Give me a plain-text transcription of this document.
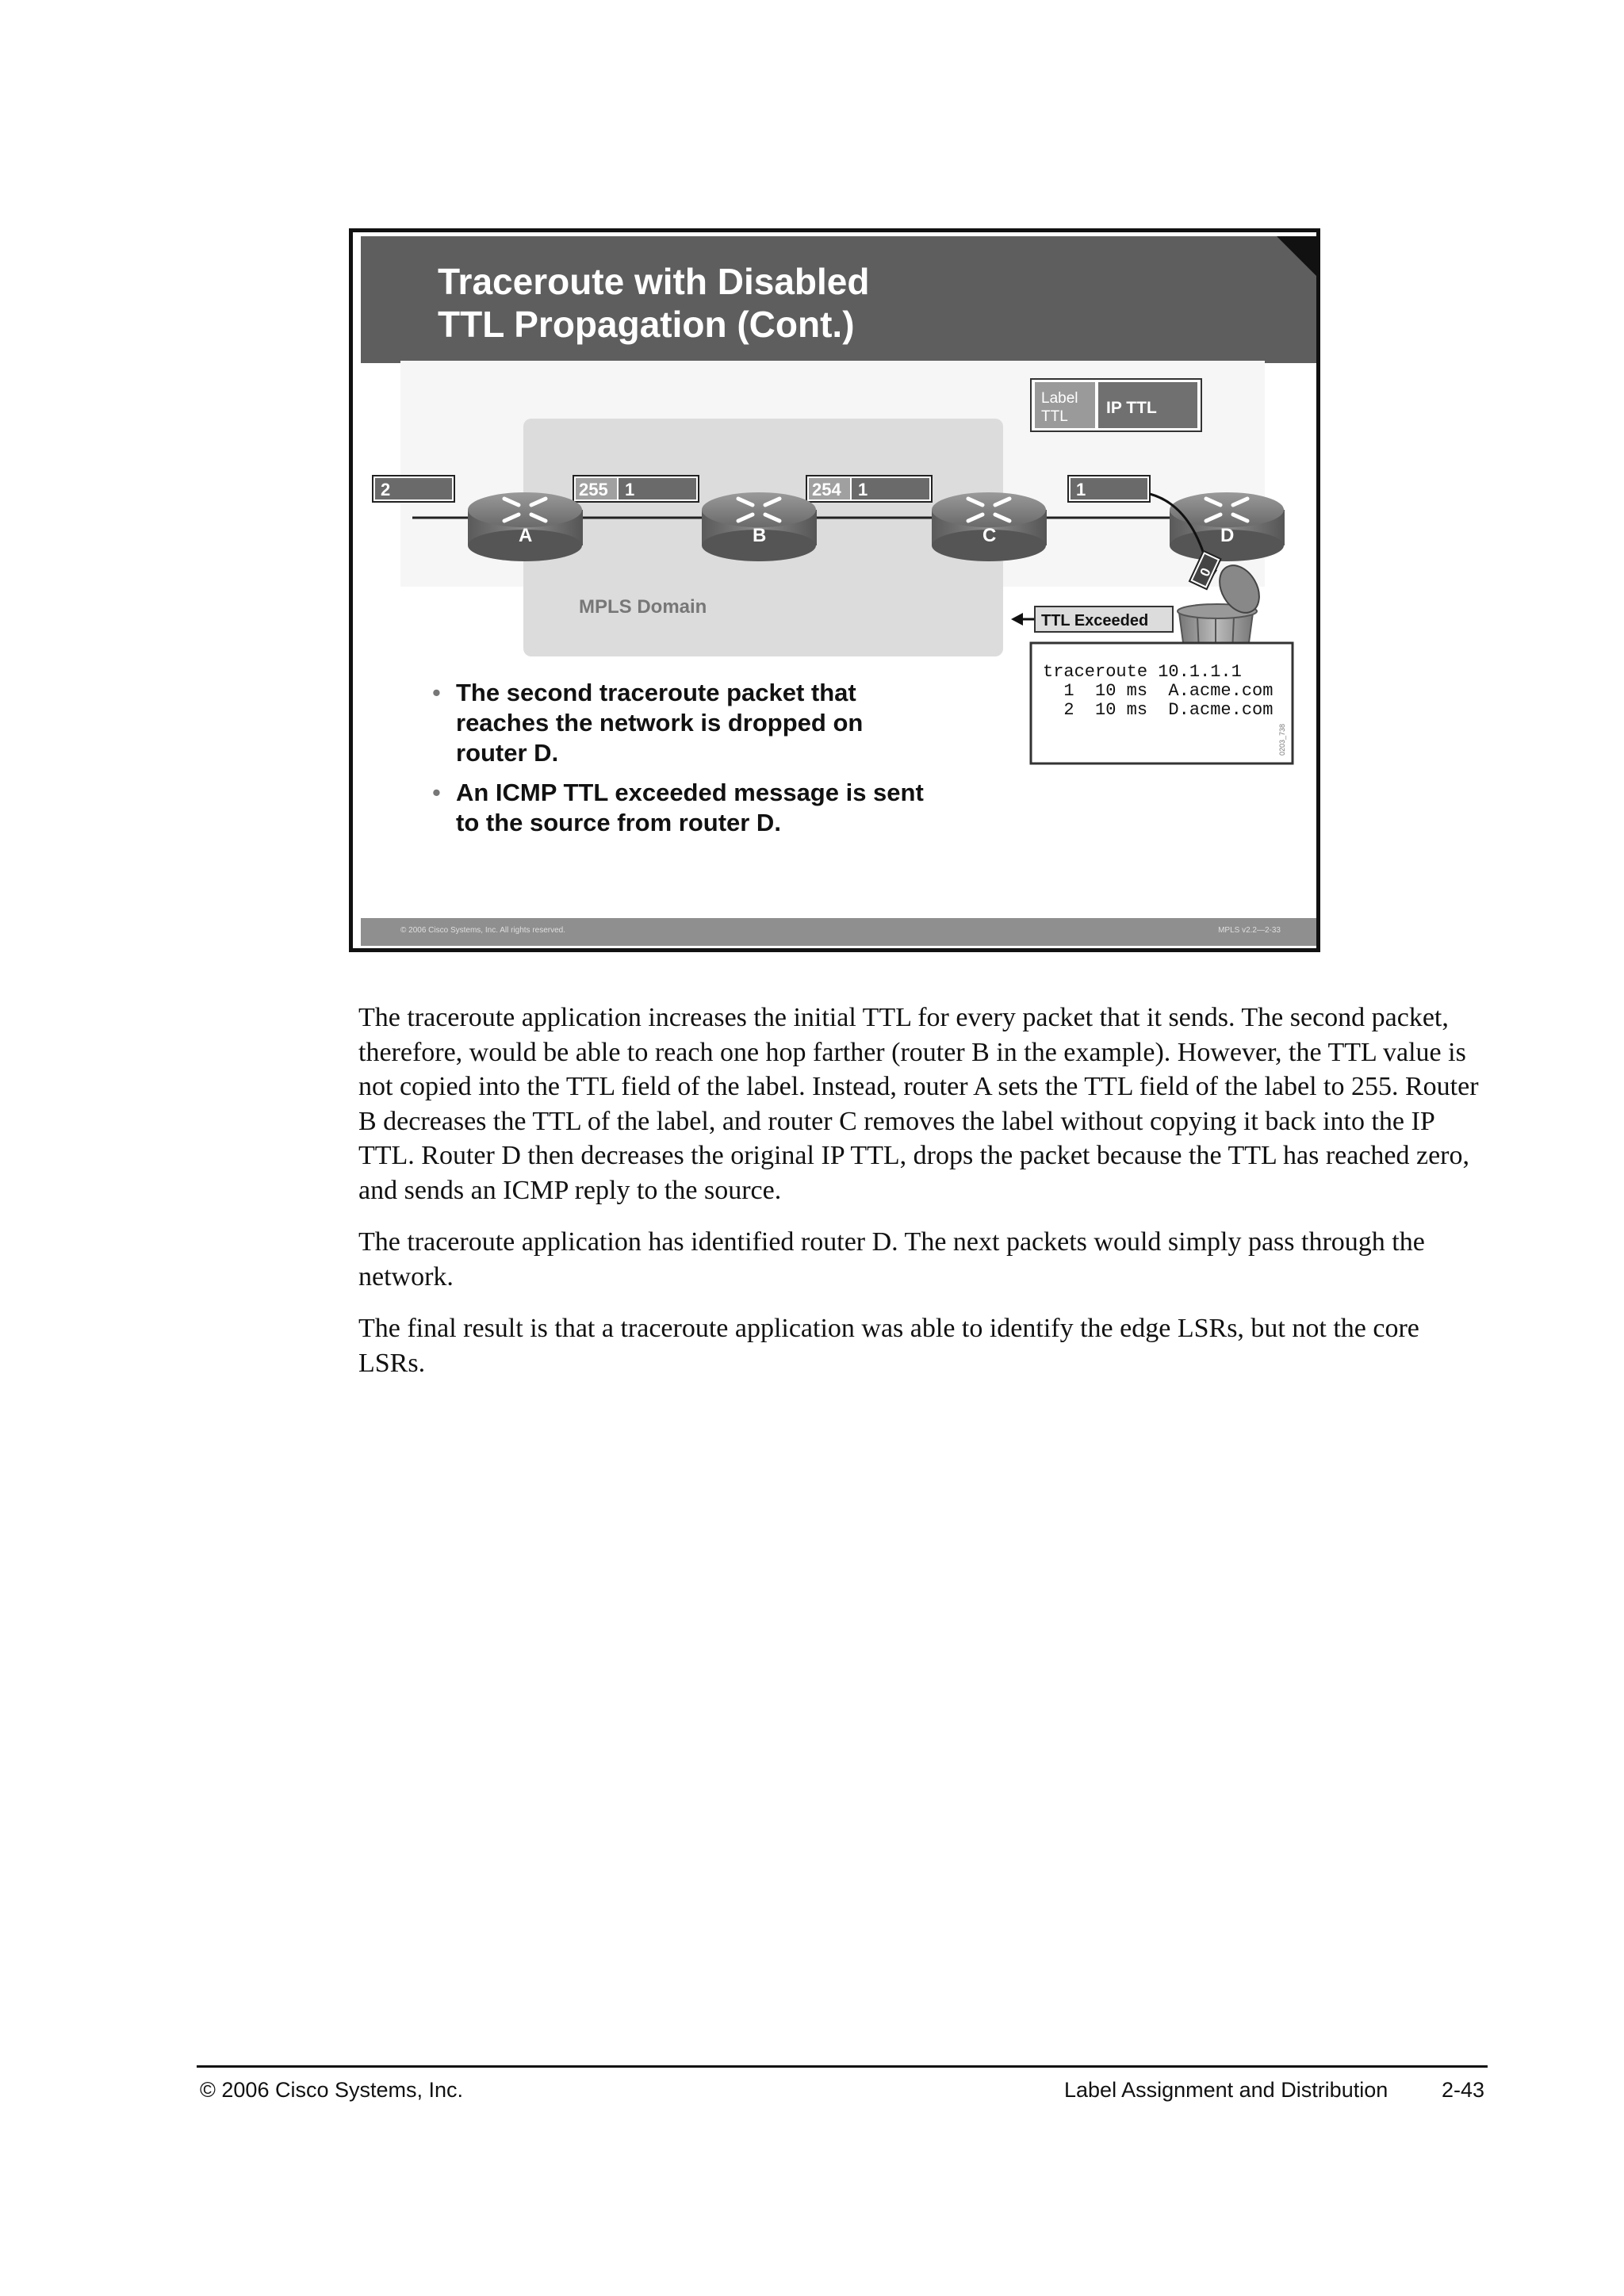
Traceroute with Disabled
TTL Propagation (Cont.)
MPLS Domain
Label
TTL IP TTL
2	255 1	254 1	1
A	B	C	D
0
TTL Exceeded
traceroute 10.1.1.1
1  10 ms  A.acme.com
2  10 ms  D.acme.com
0203_738
• The second traceroute packet that reaches the network is dropped on router D.
• An ICMP TTL exceeded message is sent to the source from router D.
© 2006 Cisco Systems, Inc. All rights reserved.	MPLS v2.2—2-33

The traceroute application increases the initial TTL for every packet that it sends. The second packet, therefore, would be able to reach one hop farther (router B in the example). However, the TTL value is not copied into the TTL field of the label. Instead, router A sets the TTL field of the label to 255. Router B decreases the TTL of the label, and router C removes the label without copying it back into the IP TTL. Router D then decreases the original IP TTL, drops the packet because the TTL has reached zero, and sends an ICMP reply to the source.

The traceroute application has identified router D. The next packets would simply pass through the network.

The final result is that a traceroute application was able to identify the edge LSRs, but not the core LSRs.

© 2006 Cisco Systems, Inc.	Label Assignment and Distribution	2-43
